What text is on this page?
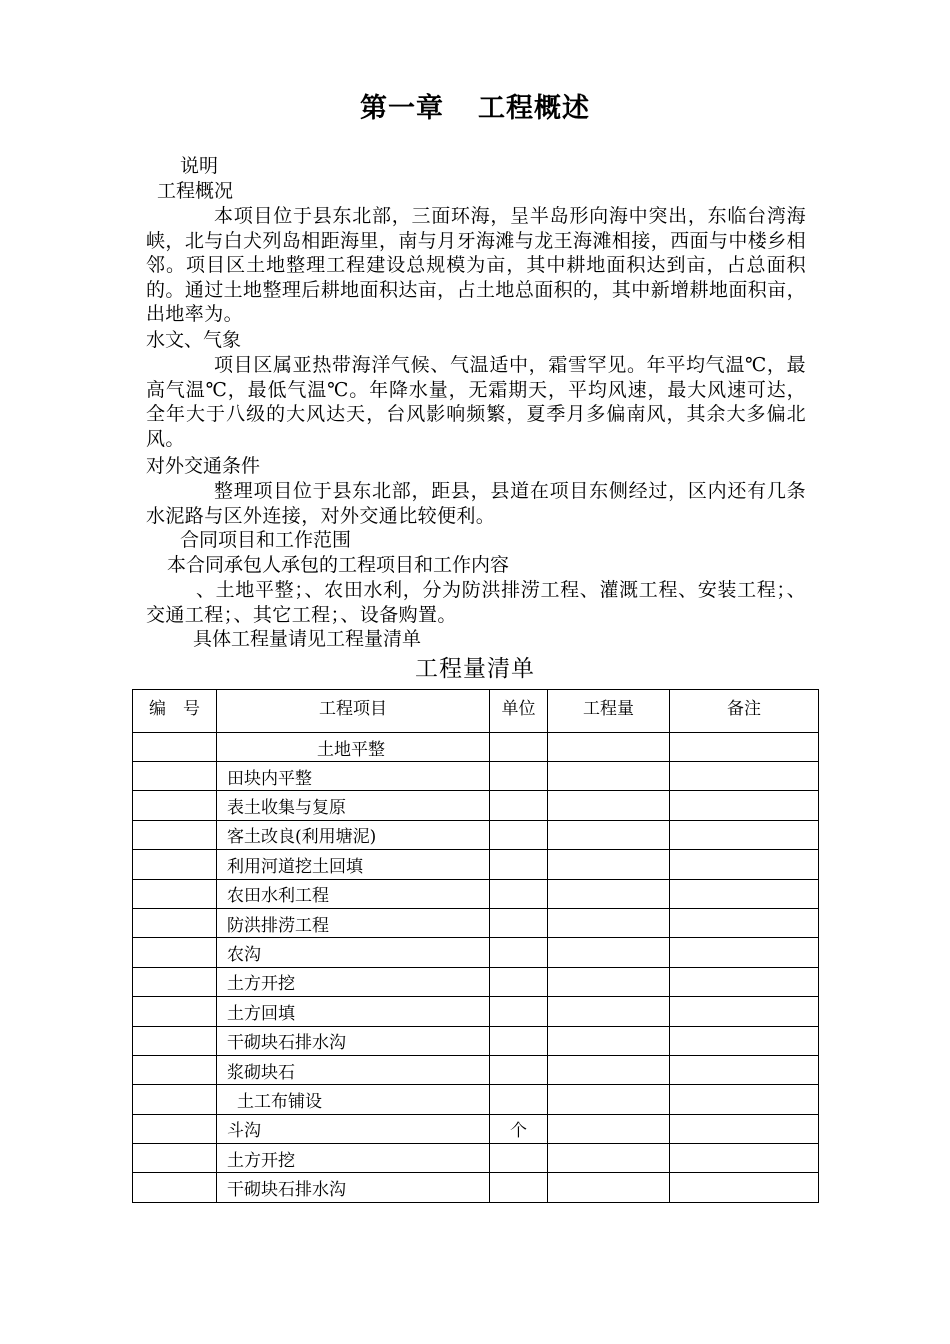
第一章 工程概述
说明
工程概况
本项目位于县东北部，三面环海，呈半岛形向海中突出，东临台湾海峡，北与白犬列岛相距海里，南与月牙海滩与龙王海滩相接，西面与中楼乡相邻。项目区土地整理工程建设总规模为亩，其中耕地面积达到亩，占总面积的。通过土地整理后耕地面积达亩，占土地总面积的，其中新增耕地面积亩，出地率为。
水文、气象
项目区属亚热带海洋气候、气温适中，霜雪罕见。年平均气温℃，最高气温℃，最低气温℃。年降水量，无霜期天，平均风速，最大风速可达，全年大于八级的大风达天，台风影响频繁，夏季月多偏南风，其余大多偏北风。
对外交通条件
整理项目位于县东北部，距县，县道在项目东侧经过，区内还有几条水泥路与区外连接，对外交通比较便利。
合同项目和工作范围
本合同承包人承包的工程项目和工作内容
、土地平整；、农田水利，分为防洪排涝工程、灌溉工程、安装工程；、交通工程；、其它工程；、设备购置。
具体工程量请见工程量清单
工程量清单
编　号	工程项目	单位	工程量	备注
	土地平整			
	田块内平整			
	表土收集与复原			
	客土改良(利用塘泥)			
	利用河道挖土回填			
	农田水利工程			
	防洪排涝工程			
	农沟			
	土方开挖			
	土方回填			
	干砌块石排水沟			
	浆砌块石			
	土工布铺设			
	斗沟	个		
	土方开挖			
	干砌块石排水沟			
